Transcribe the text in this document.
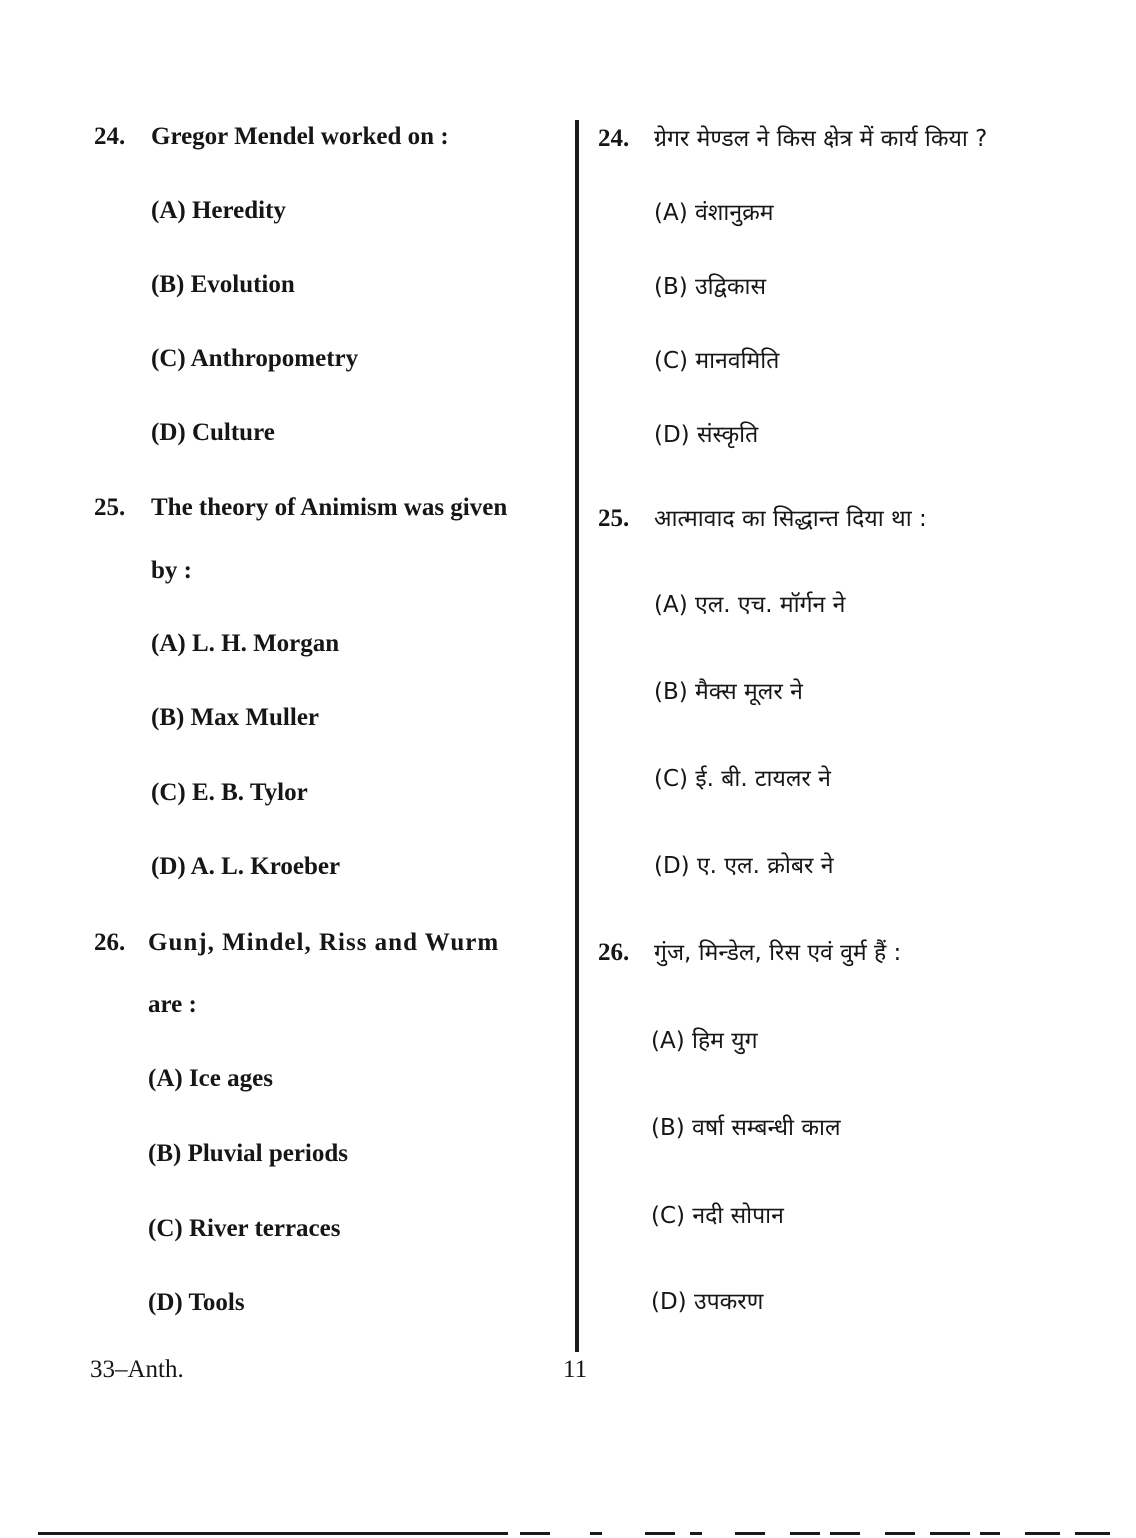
24. Gregor Mendel worked on :
(A) Heredity
(B) Evolution
(C) Anthropometry
(D) Culture
25. The theory of Animism was given
by :
(A) L. H. Morgan
(B) Max Muller
(C) E. B. Tylor
(D) A. L. Kroeber
26. Gunj, Mindel, Riss and Wurm
are :
(A) Ice ages
(B) Pluvial periods
(C) River terraces
(D) Tools
24. ग्रेगर मेण्डल ने किस क्षेत्र में कार्य किया ?
(A) वंशानुक्रम
(B) उद्विकास
(C) मानवमिति
(D) संस्कृति
25. आत्मावाद का सिद्धान्त दिया था :
(A) एल. एच. मॉर्गन ने
(B) मैक्स मूलर ने
(C) ई. बी. टायलर ने
(D) ए. एल. क्रोबर ने
26. गुंज, मिन्डेल, रिस एवं वुर्म हैं :
(A) हिम युग
(B) वर्षा सम्बन्धी काल
(C) नदी सोपान
(D) उपकरण
33–Anth.	11
